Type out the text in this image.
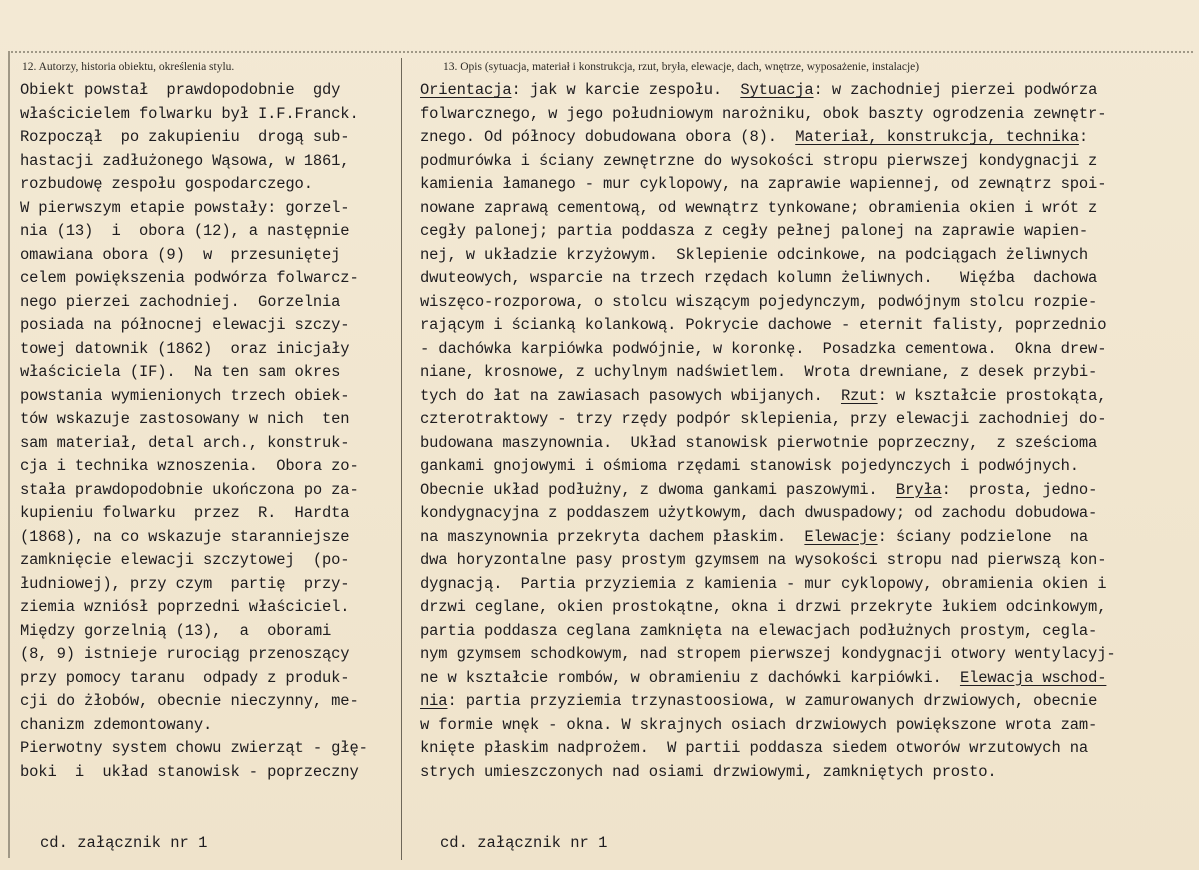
12. Autorzy, historia obiektu, określenia stylu.	13. Opis (sytuacja, materiał i konstrukcja, rzut, bryła, elewacje, dach, wnętrze, wyposażenie, instalacje)
Obiekt powstał  prawdopodobnie  gdy
właścicielem folwarku był I.F.Franck.
Rozpoczął  po zakupieniu  drogą sub-
hastacji zadłużonego Wąsowa, w 1861,
rozbudowę zespołu gospodarczego.
W pierwszym etapie powstały: gorzel-
nia (13)  i  obora (12), a następnie
omawiana obora (9)  w  przesuniętej
celem powiększenia podwórza folwarcz-
nego pierzei zachodniej.  Gorzelnia
posiada na północnej elewacji szczy-
towej datownik (1862)  oraz inicjały
właściciela (IF).  Na ten sam okres
powstania wymienionych trzech obiek-
tów wskazuje zastosowany w nich  ten
sam materiał, detal arch., konstruk-
cja i technika wznoszenia.  Obora zo-
stała prawdopodobnie ukończona po za-
kupieniu folwarku  przez  R.  Hardta
(1868), na co wskazuje staranniejsze
zamknięcie elewacji szczytowej  (po-
łudniowej), przy czym  partię  przy-
ziemia wzniósł poprzedni właściciel.
Między gorzelnią (13),  a  oborami
(8, 9) istnieje rurociąg przenoszący
przy pomocy taranu  odpady z produk-
cji do żłobów, obecnie nieczynny, me-
chanizm zdemontowany.
Pierwotny system chowu zwierząt - głę-
boki  i  układ stanowisk - poprzeczny
Orientacja: jak w karcie zespołu.  Sytuacja: w zachodniej pierzei podwórza
folwarcznego, w jego południowym narożniku, obok baszty ogrodzenia zewnętr-
znego. Od północy dobudowana obora (8).  Materiał, konstrukcja, technika:
podmurówka i ściany zewnętrzne do wysokości stropu pierwszej kondygnacji z
kamienia łamanego - mur cyklopowy, na zaprawie wapiennej, od zewnątrz spoi-
nowane zaprawą cementową, od wewnątrz tynkowane; obramienia okien i wrót z
cegły palonej; partia poddasza z cegły pełnej palonej na zaprawie wapien-
nej, w układzie krzyżowym.  Sklepienie odcinkowe, na podciągach żeliwnych
dwuteowych, wsparcie na trzech rzędach kolumn żeliwnych.   Więźba  dachowa
wiszęco-rozporowa, o stolcu wiszącym pojedynczym, podwójnym stolcu rozpie-
rającym i ścianką kolankową. Pokrycie dachowe - eternit falisty, poprzednio
- dachówka karpiówka podwójnie, w koronkę.  Posadzka cementowa.  Okna drew-
niane, krosnowe, z uchylnym nadświetlem.  Wrota drewniane, z desek przybi-
tych do łat na zawiasach pasowych wbijanych.  Rzut: w kształcie prostokąta,
czterotraktowy - trzy rzędy podpór sklepienia, przy elewacji zachodniej do-
budowana maszynownia.  Układ stanowisk pierwotnie poprzeczny,  z sześcioma
gankami gnojowymi i ośmioma rzędami stanowisk pojedynczych i podwójnych.
Obecnie układ podłużny, z dwoma gankami paszowymi.  Bryła:  prosta, jedno-
kondygnacyjna z poddaszem użytkowym, dach dwuspadowy; od zachodu dobudowa-
na maszynownia przekryta dachem płaskim.  Elewacje: ściany podzielone  na
dwa horyzontalne pasy prostym gzymsem na wysokości stropu nad pierwszą kon-
dygnacją.  Partia przyziemia z kamienia - mur cyklopowy, obramienia okien i
drzwi ceglane, okien prostokątne, okna i drzwi przekryte łukiem odcinkowym,
partia poddasza ceglana zamknięta na elewacjach podłużnych prostym, cegla-
nym gzymsem schodkowym, nad stropem pierwszej kondygnacji otwory wentylacyj-
ne w kształcie rombów, w obramieniu z dachówki karpiówki.  Elewacja wschod-
nia: partia przyziemia trzynastoosiowa, w zamurowanych drzwiowych, obecnie
w formie wnęk - okna. W skrajnych osiach drzwiowych powiększone wrota zam-
knięte płaskim nadprożem.  W partii poddasza siedem otworów wrzutowych na
strych umieszczonych nad osiami drzwiowymi, zamkniętych prosto.
cd. załącznik nr 1	cd. załącznik nr 1
